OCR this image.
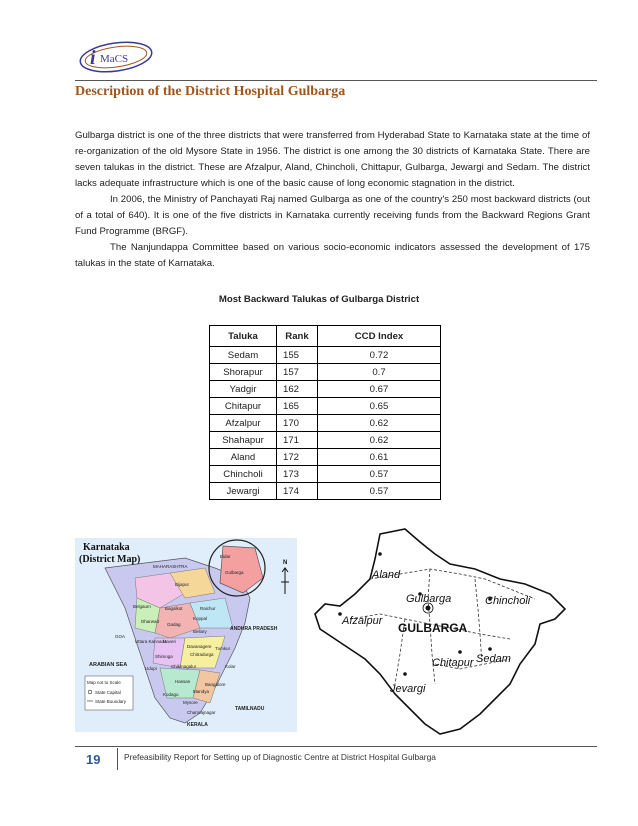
i MaCS
Description of the District Hospital Gulbarga

Gulbarga district is one of the three districts that were transferred from Hyderabad State to Karnataka state at the time of re-organization of the old Mysore State in 1956. The district is one among the 30 districts of Karnataka State. There are seven talukas in the district. These are Afzalpur, Aland, Chincholi, Chittapur, Gulbarga, Jewargi and Sedam. The district lacks adequate infrastructure which is one of the basic cause of long economic stagnation in the district.

In 2006, the Ministry of Panchayati Raj named Gulbarga as one of the country's 250 most backward districts (out of a total of 640). It is one of the five districts in Karnataka currently receiving funds from the Backward Regions Grant Fund Programme (BRGF).

The Nanjundappa Committee based on various socio-economic indicators assessed the development of 175 talukas in the state of Karnataka.

Most Backward Talukas of Gulbarga District
Taluka	Rank	CCD Index
Sedam	155	0.72
Shorapur	157	0.7
Yadgir	162	0.67
Chitapur	165	0.65
Afzalpur	170	0.62
Shahapur	171	0.62
Aland	172	0.61
Chincholi	173	0.57
Jewargi	174	0.57
Karnataka
(District Map)
MAHARASHTRA
Gulbarga
Bidar
Belgaum	Bagalkot
Bijapur
Raichur
Dharwad
Koppal
Gadag
Bellary	ANDHRA PRADESH
GOA
Uttara Kannada
Haveri
Davanagere
Shimoga	Chitradurga
Tumkur
ARABIAN SEA
Udupi	Chikmagalur	Kolar
Hassan
Bangalore
Kodagu
Mandya
Mysore
Chamrajnagar
TAMILNADU
KERALA
Map not to Scale
State Capital
State Boundary
N
Aland
Gulbarga	Chincholi
Afzalpur GULBARGA
Chitapur Sedam
Jevargi
19	Prefeasibility Report for Setting up of Diagnostic Centre at District Hospital Gulbarga
